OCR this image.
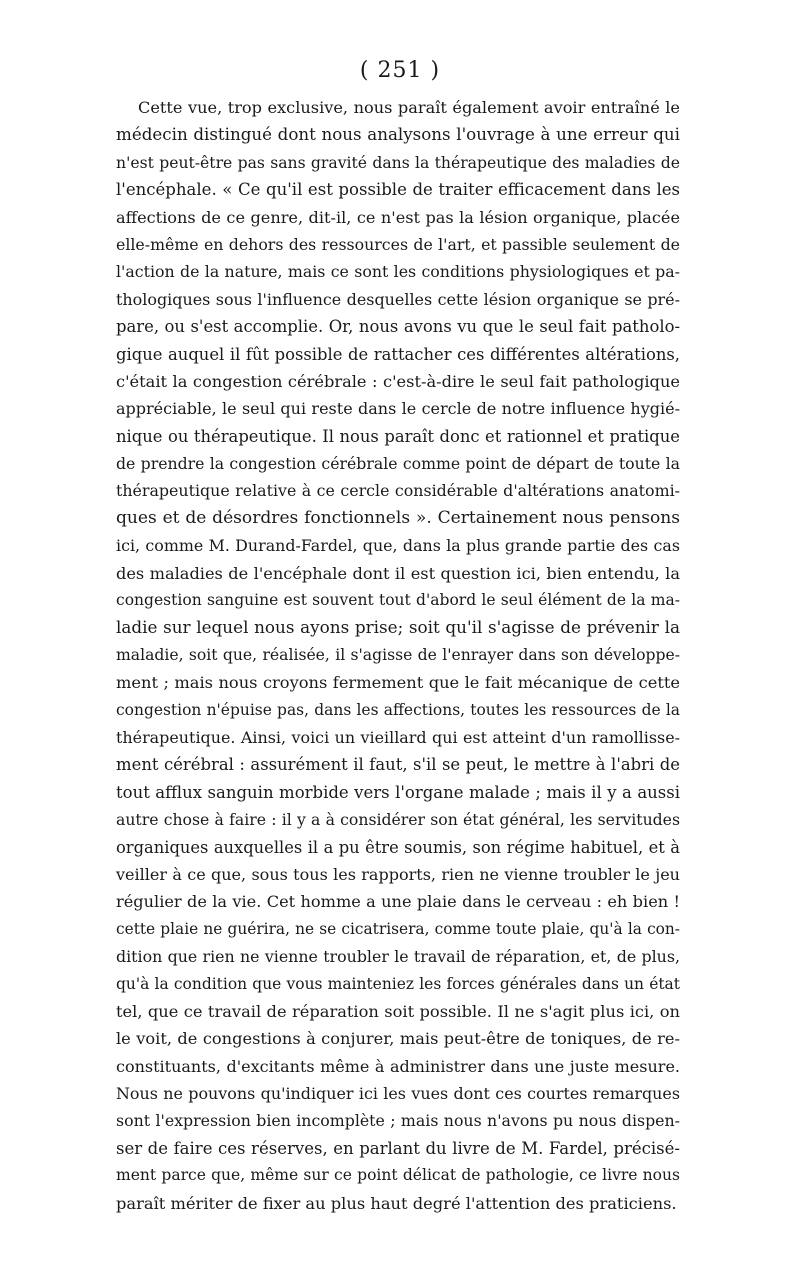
( 251 )
Cette vue, trop exclusive, nous paraît également avoir entraîné le
médecin distingué dont nous analysons l'ouvrage à une erreur qui
n'est peut-être pas sans gravité dans la thérapeutique des maladies de
l'encéphale. « Ce qu'il est possible de traiter efficacement dans les
affections de ce genre, dit-il, ce n'est pas la lésion organique, placée
elle-même en dehors des ressources de l'art, et passible seulement de
l'action de la nature, mais ce sont les conditions physiologiques et pa-
thologiques sous l'influence desquelles cette lésion organique se pré-
pare, ou s'est accomplie. Or, nous avons vu que le seul fait patholo-
gique auquel il fût possible de rattacher ces différentes altérations,
c'était la congestion cérébrale : c'est-à-dire le seul fait pathologique
appréciable, le seul qui reste dans le cercle de notre influence hygié-
nique ou thérapeutique. Il nous paraît donc et rationnel et pratique
de prendre la congestion cérébrale comme point de départ de toute la
thérapeutique relative à ce cercle considérable d'altérations anatomi-
ques et de désordres fonctionnels ». Certainement nous pensons
ici, comme M. Durand-Fardel, que, dans la plus grande partie des cas
des maladies de l'encéphale dont il est question ici, bien entendu, la
congestion sanguine est souvent tout d'abord le seul élément de la ma-
ladie sur lequel nous ayons prise; soit qu'il s'agisse de prévenir la
maladie, soit que, réalisée, il s'agisse de l'enrayer dans son développe-
ment ; mais nous croyons fermement que le fait mécanique de cette
congestion n'épuise pas, dans les affections, toutes les ressources de la
thérapeutique. Ainsi, voici un vieillard qui est atteint d'un ramollisse-
ment cérébral : assurément il faut, s'il se peut, le mettre à l'abri de
tout afflux sanguin morbide vers l'organe malade ; mais il y a aussi
autre chose à faire : il y a à considérer son état général, les servitudes
organiques auxquelles il a pu être soumis, son régime habituel, et à
veiller à ce que, sous tous les rapports, rien ne vienne troubler le jeu
régulier de la vie. Cet homme a une plaie dans le cerveau : eh bien !
cette plaie ne guérira, ne se cicatrisera, comme toute plaie, qu'à la con-
dition que rien ne vienne troubler le travail de réparation, et, de plus,
qu'à la condition que vous mainteniez les forces générales dans un état
tel, que ce travail de réparation soit possible. Il ne s'agit plus ici, on
le voit, de congestions à conjurer, mais peut-être de toniques, de re-
constituants, d'excitants même à administrer dans une juste mesure.
Nous ne pouvons qu'indiquer ici les vues dont ces courtes remarques
sont l'expression bien incomplète ; mais nous n'avons pu nous dispen-
ser de faire ces réserves, en parlant du livre de M. Fardel, précisé-
ment parce que, même sur ce point délicat de pathologie, ce livre nous
paraît mériter de fixer au plus haut degré l'attention des praticiens.
